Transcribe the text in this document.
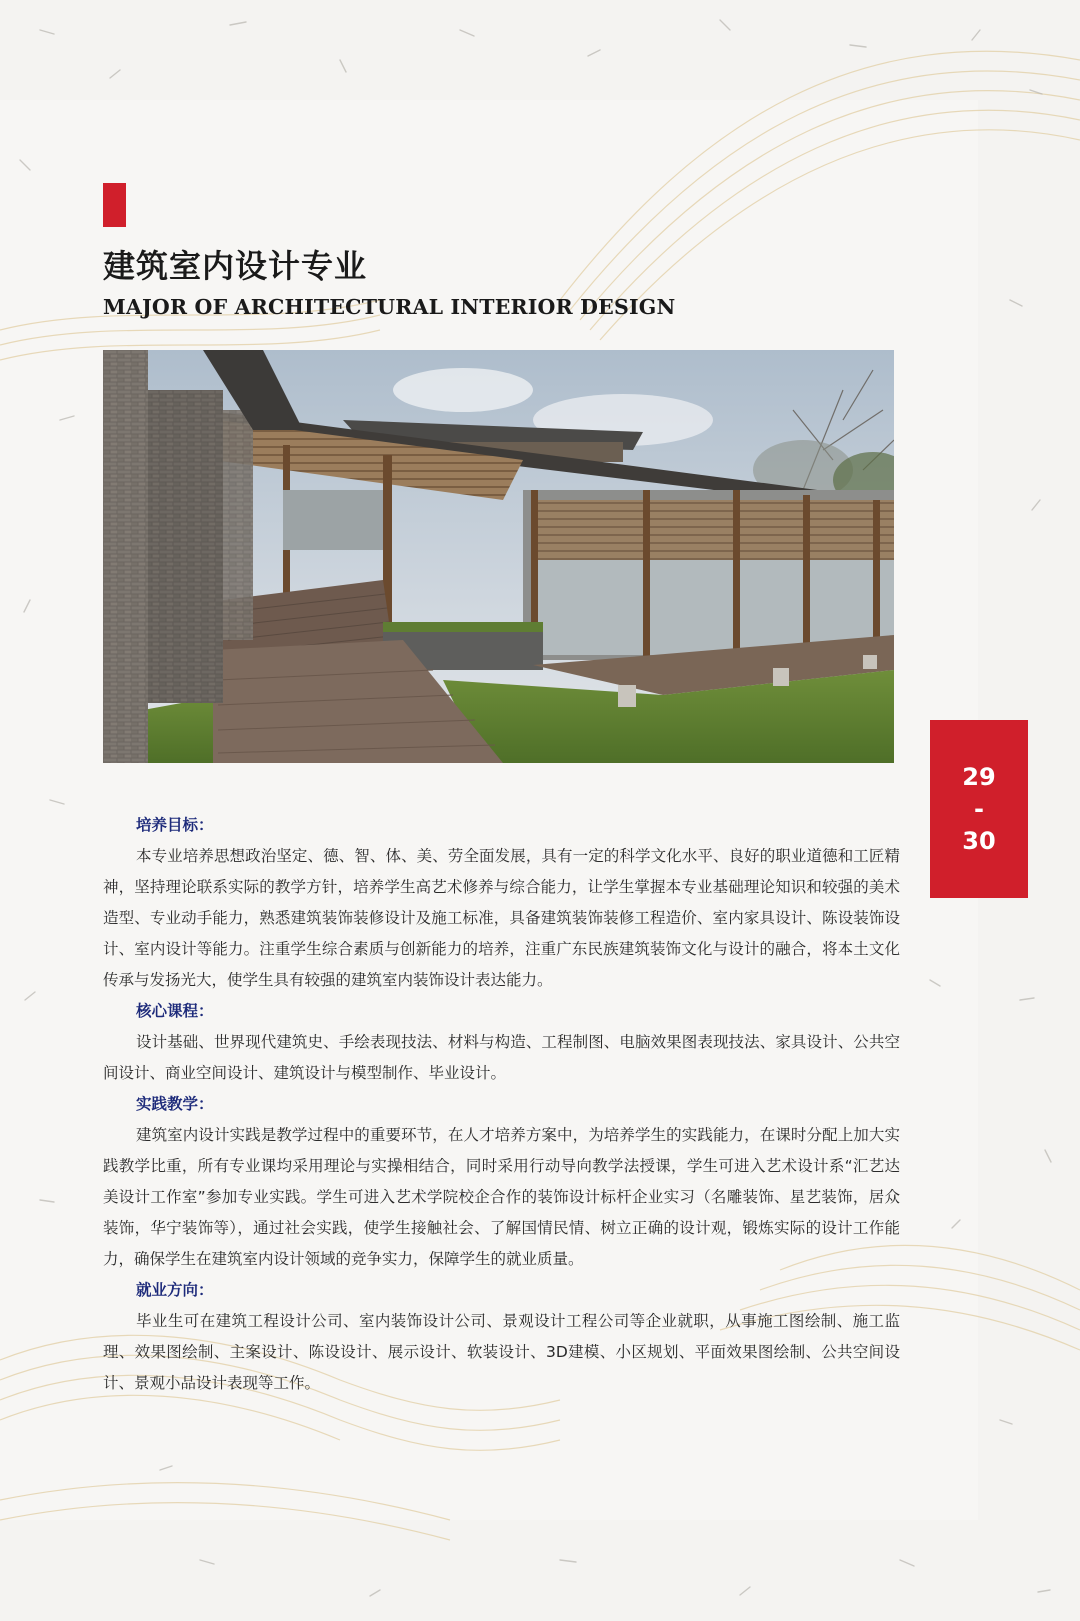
建筑室内设计专业
MAJOR OF ARCHITECTURAL INTERIOR DESIGN
29
-
30

培养目标：

本专业培养思想政治坚定、德、智、体、美、劳全面发展，具有一定的科学文化水平、良好的职业道德和工匠精神，坚持理论联系实际的教学方针，培养学生高艺术修养与综合能力，让学生掌握本专业基础理论知识和较强的美术造型、专业动手能力，熟悉建筑装饰装修设计及施工标准，具备建筑装饰装修工程造价、室内家具设计、陈设装饰设计、室内设计等能力。注重学生综合素质与创新能力的培养，注重广东民族建筑装饰文化与设计的融合，将本土文化传承与发扬光大，使学生具有较强的建筑室内装饰设计表达能力。

核心课程：

设计基础、世界现代建筑史、手绘表现技法、材料与构造、工程制图、电脑效果图表现技法、家具设计、公共空间设计、商业空间设计、建筑设计与模型制作、毕业设计。

实践教学：

建筑室内设计实践是教学过程中的重要环节，在人才培养方案中，为培养学生的实践能力，在课时分配上加大实践教学比重，所有专业课均采用理论与实操相结合，同时采用行动导向教学法授课，学生可进入艺术设计系“汇艺达美设计工作室”参加专业实践。学生可进入艺术学院校企合作的装饰设计标杆企业实习（名雕装饰、星艺装饰，居众装饰，华宁装饰等），通过社会实践，使学生接触社会、了解国情民情、树立正确的设计观，锻炼实际的设计工作能力，确保学生在建筑室内设计领域的竞争实力，保障学生的就业质量。

就业方向：

毕业生可在建筑工程设计公司、室内装饰设计公司、景观设计工程公司等企业就职，从事施工图绘制、施工监理、效果图绘制、主案设计、陈设设计、展示设计、软装设计、3D建模、小区规划、平面效果图绘制、公共空间设计、景观小品设计表现等工作。
